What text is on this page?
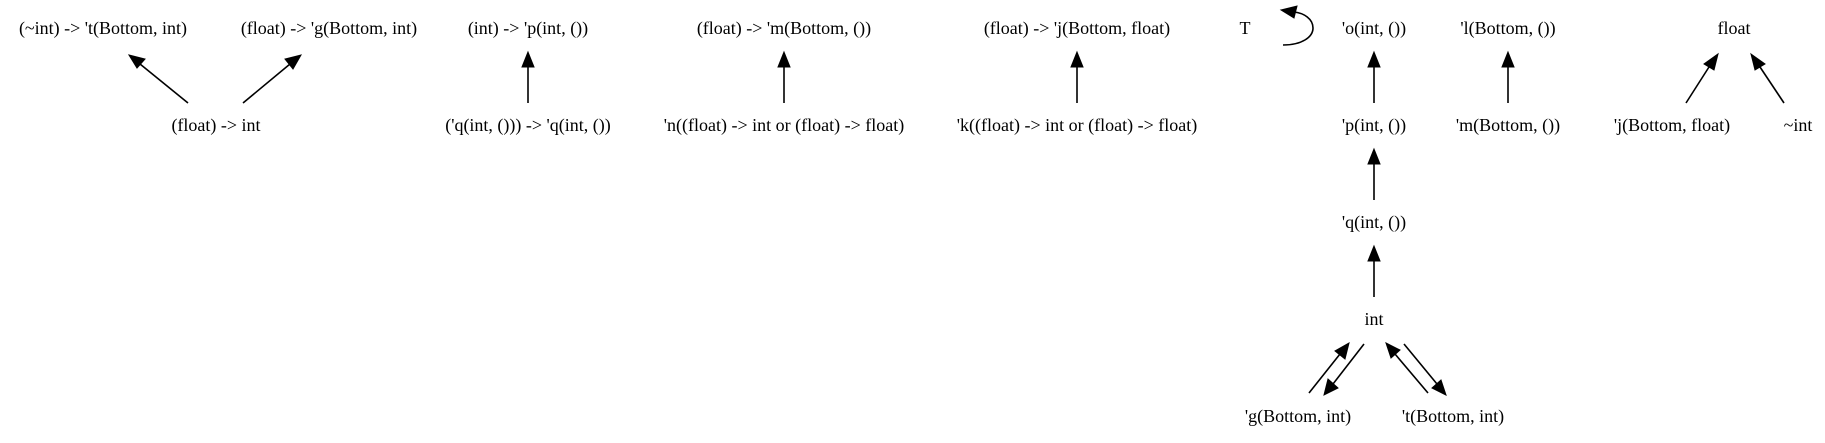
(~int) -> 't(Bottom, int)	(float) -> 'g(Bottom, int)
(float) -> int
(int) -> 'p(int, ())
('q(int, ())) -> 'q(int, ())
(float) -> 'm(Bottom, ())
'n((float) -> int or (float) -> float)
(float) -> 'j(Bottom, float)
'k((float) -> int or (float) -> float)
T	'o(int, ())
'p(int, ())
'q(int, ())
int
'g(Bottom, int)	't(Bottom, int)
'l(Bottom, ())
'm(Bottom, ())
float
'j(Bottom, float)	~int
